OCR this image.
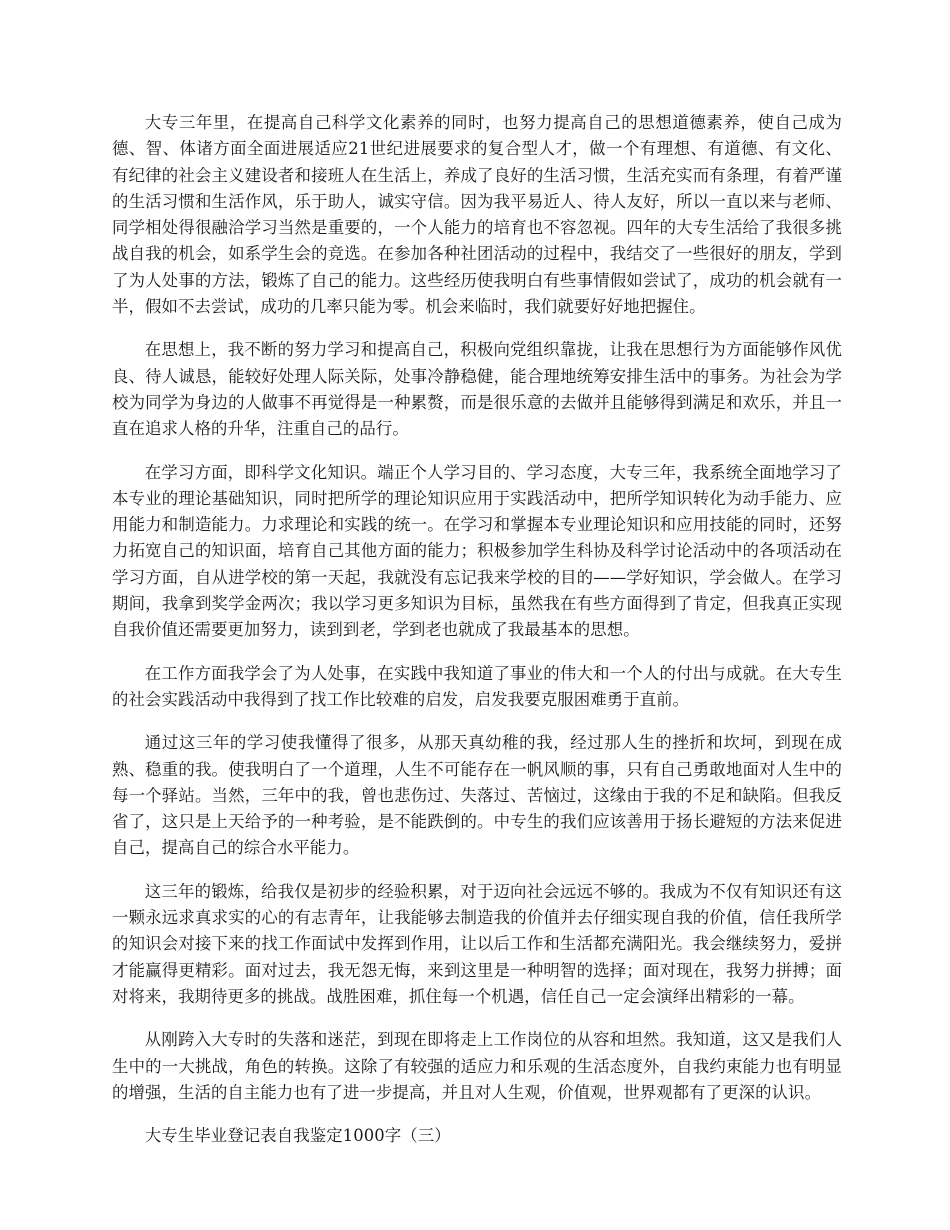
大专三年里，在提高自己科学文化素养的同时，也努力提高自己的思想道德素养，使自己成为德、智、体诸方面全面进展适应21世纪进展要求的复合型人才，做一个有理想、有道德、有文化、有纪律的社会主义建设者和接班人在生活上，养成了良好的生活习惯，生活充实而有条理，有着严谨的生活习惯和生活作风，乐于助人，诚实守信。因为我平易近人、待人友好，所以一直以来与老师、同学相处得很融洽学习当然是重要的，一个人能力的培育也不容忽视。四年的大专生活给了我很多挑战自我的机会，如系学生会的竞选。在参加各种社团活动的过程中，我结交了一些很好的朋友，学到了为人处事的方法，锻炼了自己的能力。这些经历使我明白有些事情假如尝试了，成功的机会就有一半，假如不去尝试，成功的几率只能为零。机会来临时，我们就要好好地把握住。

在思想上，我不断的努力学习和提高自己，积极向党组织靠拢，让我在思想行为方面能够作风优良、待人诚恳，能较好处理人际关际，处事冷静稳健，能合理地统筹安排生活中的事务。为社会为学校为同学为身边的人做事不再觉得是一种累赘，而是很乐意的去做并且能够得到满足和欢乐，并且一直在追求人格的升华，注重自己的品行。

在学习方面，即科学文化知识。端正个人学习目的、学习态度，大专三年，我系统全面地学习了本专业的理论基础知识，同时把所学的理论知识应用于实践活动中，把所学知识转化为动手能力、应用能力和制造能力。力求理论和实践的统一。在学习和掌握本专业理论知识和应用技能的同时，还努力拓宽自己的知识面，培育自己其他方面的能力；积极参加学生科协及科学讨论活动中的各项活动在学习方面，自从进学校的第一天起，我就没有忘记我来学校的目的——学好知识，学会做人。在学习期间，我拿到奖学金两次；我以学习更多知识为目标，虽然我在有些方面得到了肯定，但我真正实现自我价值还需要更加努力，读到到老，学到老也就成了我最基本的思想。

在工作方面我学会了为人处事，在实践中我知道了事业的伟大和一个人的付出与成就。在大专生的社会实践活动中我得到了找工作比较难的启发，启发我要克服困难勇于直前。

通过这三年的学习使我懂得了很多，从那天真幼稚的我，经过那人生的挫折和坎坷，到现在成熟、稳重的我。使我明白了一个道理，人生不可能存在一帆风顺的事，只有自己勇敢地面对人生中的每一个驿站。当然，三年中的我，曾也悲伤过、失落过、苦恼过，这缘由于我的不足和缺陷。但我反省了，这只是上天给予的一种考验，是不能跌倒的。中专生的我们应该善用于扬长避短的方法来促进自己，提高自己的综合水平能力。

这三年的锻炼，给我仅是初步的经验积累，对于迈向社会远远不够的。我成为不仅有知识还有这一颗永远求真求实的心的有志青年，让我能够去制造我的价值并去仔细实现自我的价值，信任我所学的知识会对接下来的找工作面试中发挥到作用，让以后工作和生活都充满阳光。我会继续努力，爱拼才能赢得更精彩。面对过去，我无怨无悔，来到这里是一种明智的选择；面对现在，我努力拼搏；面对将来，我期待更多的挑战。战胜困难，抓住每一个机遇，信任自己一定会演绎出精彩的一幕。

从刚跨入大专时的失落和迷茫，到现在即将走上工作岗位的从容和坦然。我知道，这又是我们人生中的一大挑战，角色的转换。这除了有较强的适应力和乐观的生活态度外，自我约束能力也有明显的增强，生活的自主能力也有了进一步提高，并且对人生观，价值观，世界观都有了更深的认识。

大专生毕业登记表自我鉴定1000字（三）
